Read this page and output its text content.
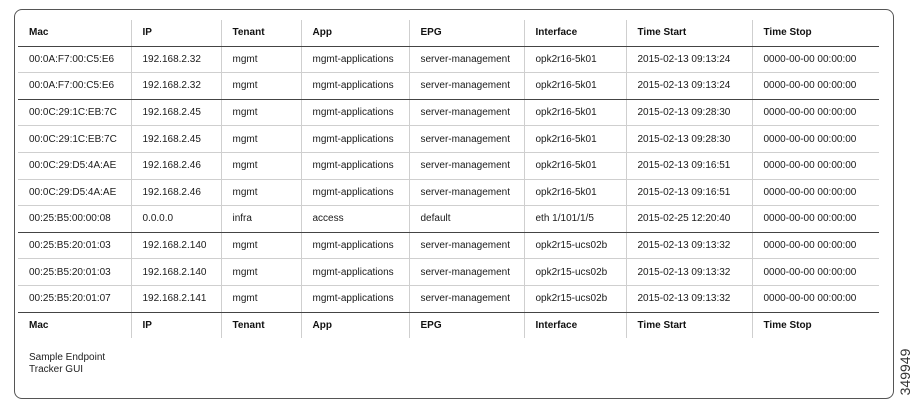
Mac	IP	Tenant	App	EPG	Interface	Time Start	Time Stop
00:0A:F7:00:C5:E6	192.168.2.32	mgmt	mgmt-applications	server-management	opk2r16-5k01	2015-02-13 09:13:24	0000-00-00 00:00:00
00:0A:F7:00:C5:E6	192.168.2.32	mgmt	mgmt-applications	server-management	opk2r16-5k01	2015-02-13 09:13:24	0000-00-00 00:00:00
00:0C:29:1C:EB:7C	192.168.2.45	mgmt	mgmt-applications	server-management	opk2r16-5k01	2015-02-13 09:28:30	0000-00-00 00:00:00
00:0C:29:1C:EB:7C	192.168.2.45	mgmt	mgmt-applications	server-management	opk2r16-5k01	2015-02-13 09:28:30	0000-00-00 00:00:00
00:0C:29:D5:4A:AE	192.168.2.46	mgmt	mgmt-applications	server-management	opk2r16-5k01	2015-02-13 09:16:51	0000-00-00 00:00:00
00:0C:29:D5:4A:AE	192.168.2.46	mgmt	mgmt-applications	server-management	opk2r16-5k01	2015-02-13 09:16:51	0000-00-00 00:00:00
00:25:B5:00:00:08	0.0.0.0	infra	access	default	eth 1/101/1/5	2015-02-25 12:20:40	0000-00-00 00:00:00
00:25:B5:20:01:03	192.168.2.140	mgmt	mgmt-applications	server-management	opk2r15-ucs02b	2015-02-13 09:13:32	0000-00-00 00:00:00
00:25:B5:20:01:03	192.168.2.140	mgmt	mgmt-applications	server-management	opk2r15-ucs02b	2015-02-13 09:13:32	0000-00-00 00:00:00
00:25:B5:20:01:07	192.168.2.141	mgmt	mgmt-applications	server-management	opk2r15-ucs02b	2015-02-13 09:13:32	0000-00-00 00:00:00
Mac	IP	Tenant	App	EPG	Interface	Time Start	Time Stop
Sample Endpoint
Tracker GUI	349949
